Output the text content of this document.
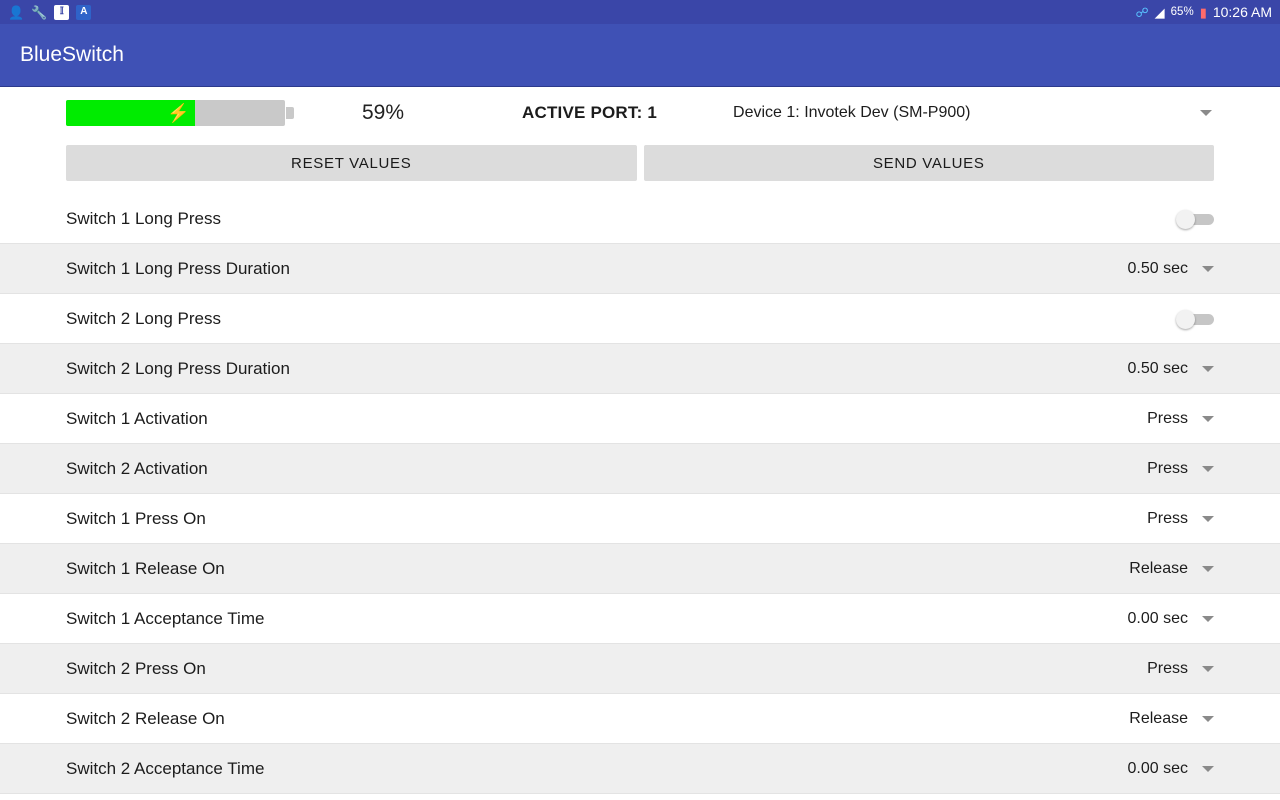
👤 🔧	𝕀	A	☍ ◢ 65% ▮ 10:26 AM
BlueSwitch
⚡	59%	ACTIVE PORT: 1	Device 1: Invotek Dev (SM-P900)
RESET VALUES	SEND VALUES
Switch 1 Long Press
Switch 1 Long Press Duration	0.50 sec
Switch 2 Long Press
Switch 2 Long Press Duration	0.50 sec
Switch 1 Activation	Press
Switch 2 Activation	Press
Switch 1 Press On	Press
Switch 1 Release On	Release
Switch 1 Acceptance Time	0.00 sec
Switch 2 Press On	Press
Switch 2 Release On	Release
Switch 2 Acceptance Time	0.00 sec
